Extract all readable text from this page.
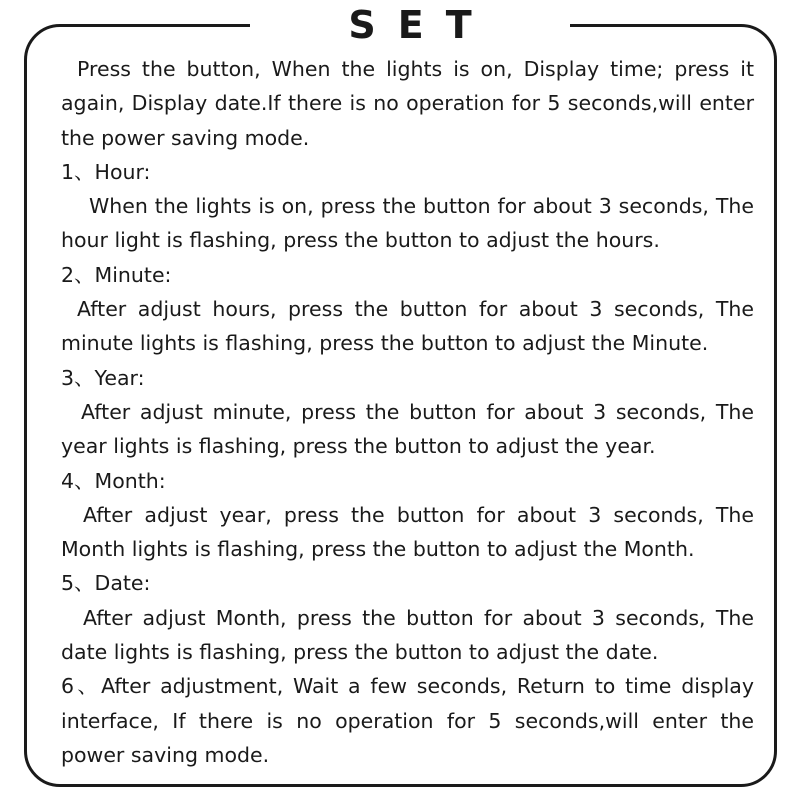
SET

Press the button, When the lights is on, Display time; press it again, Display date.If there is no operation for 5 seconds,will enter the power saving mode.

1、Hour:

When the lights is on, press the button for about 3 seconds, The hour light is flashing, press the button to adjust the hours.

2、Minute:

After adjust hours, press the button for about 3 seconds, The minute lights is flashing, press the button to adjust the Minute.

3、Year:

After adjust minute, press the button for about 3 seconds, The year lights is flashing, press the button to adjust the year.

4、Month:

After adjust year, press the button for about 3 seconds, The Month lights is flashing, press the button to adjust the Month.

5、Date:

After adjust Month, press the button for about 3 seconds, The date lights is flashing, press the button to adjust the date.

6、After adjustment, Wait a few seconds, Return to time display interface, If there is no operation for 5 seconds,will enter the power saving mode.
